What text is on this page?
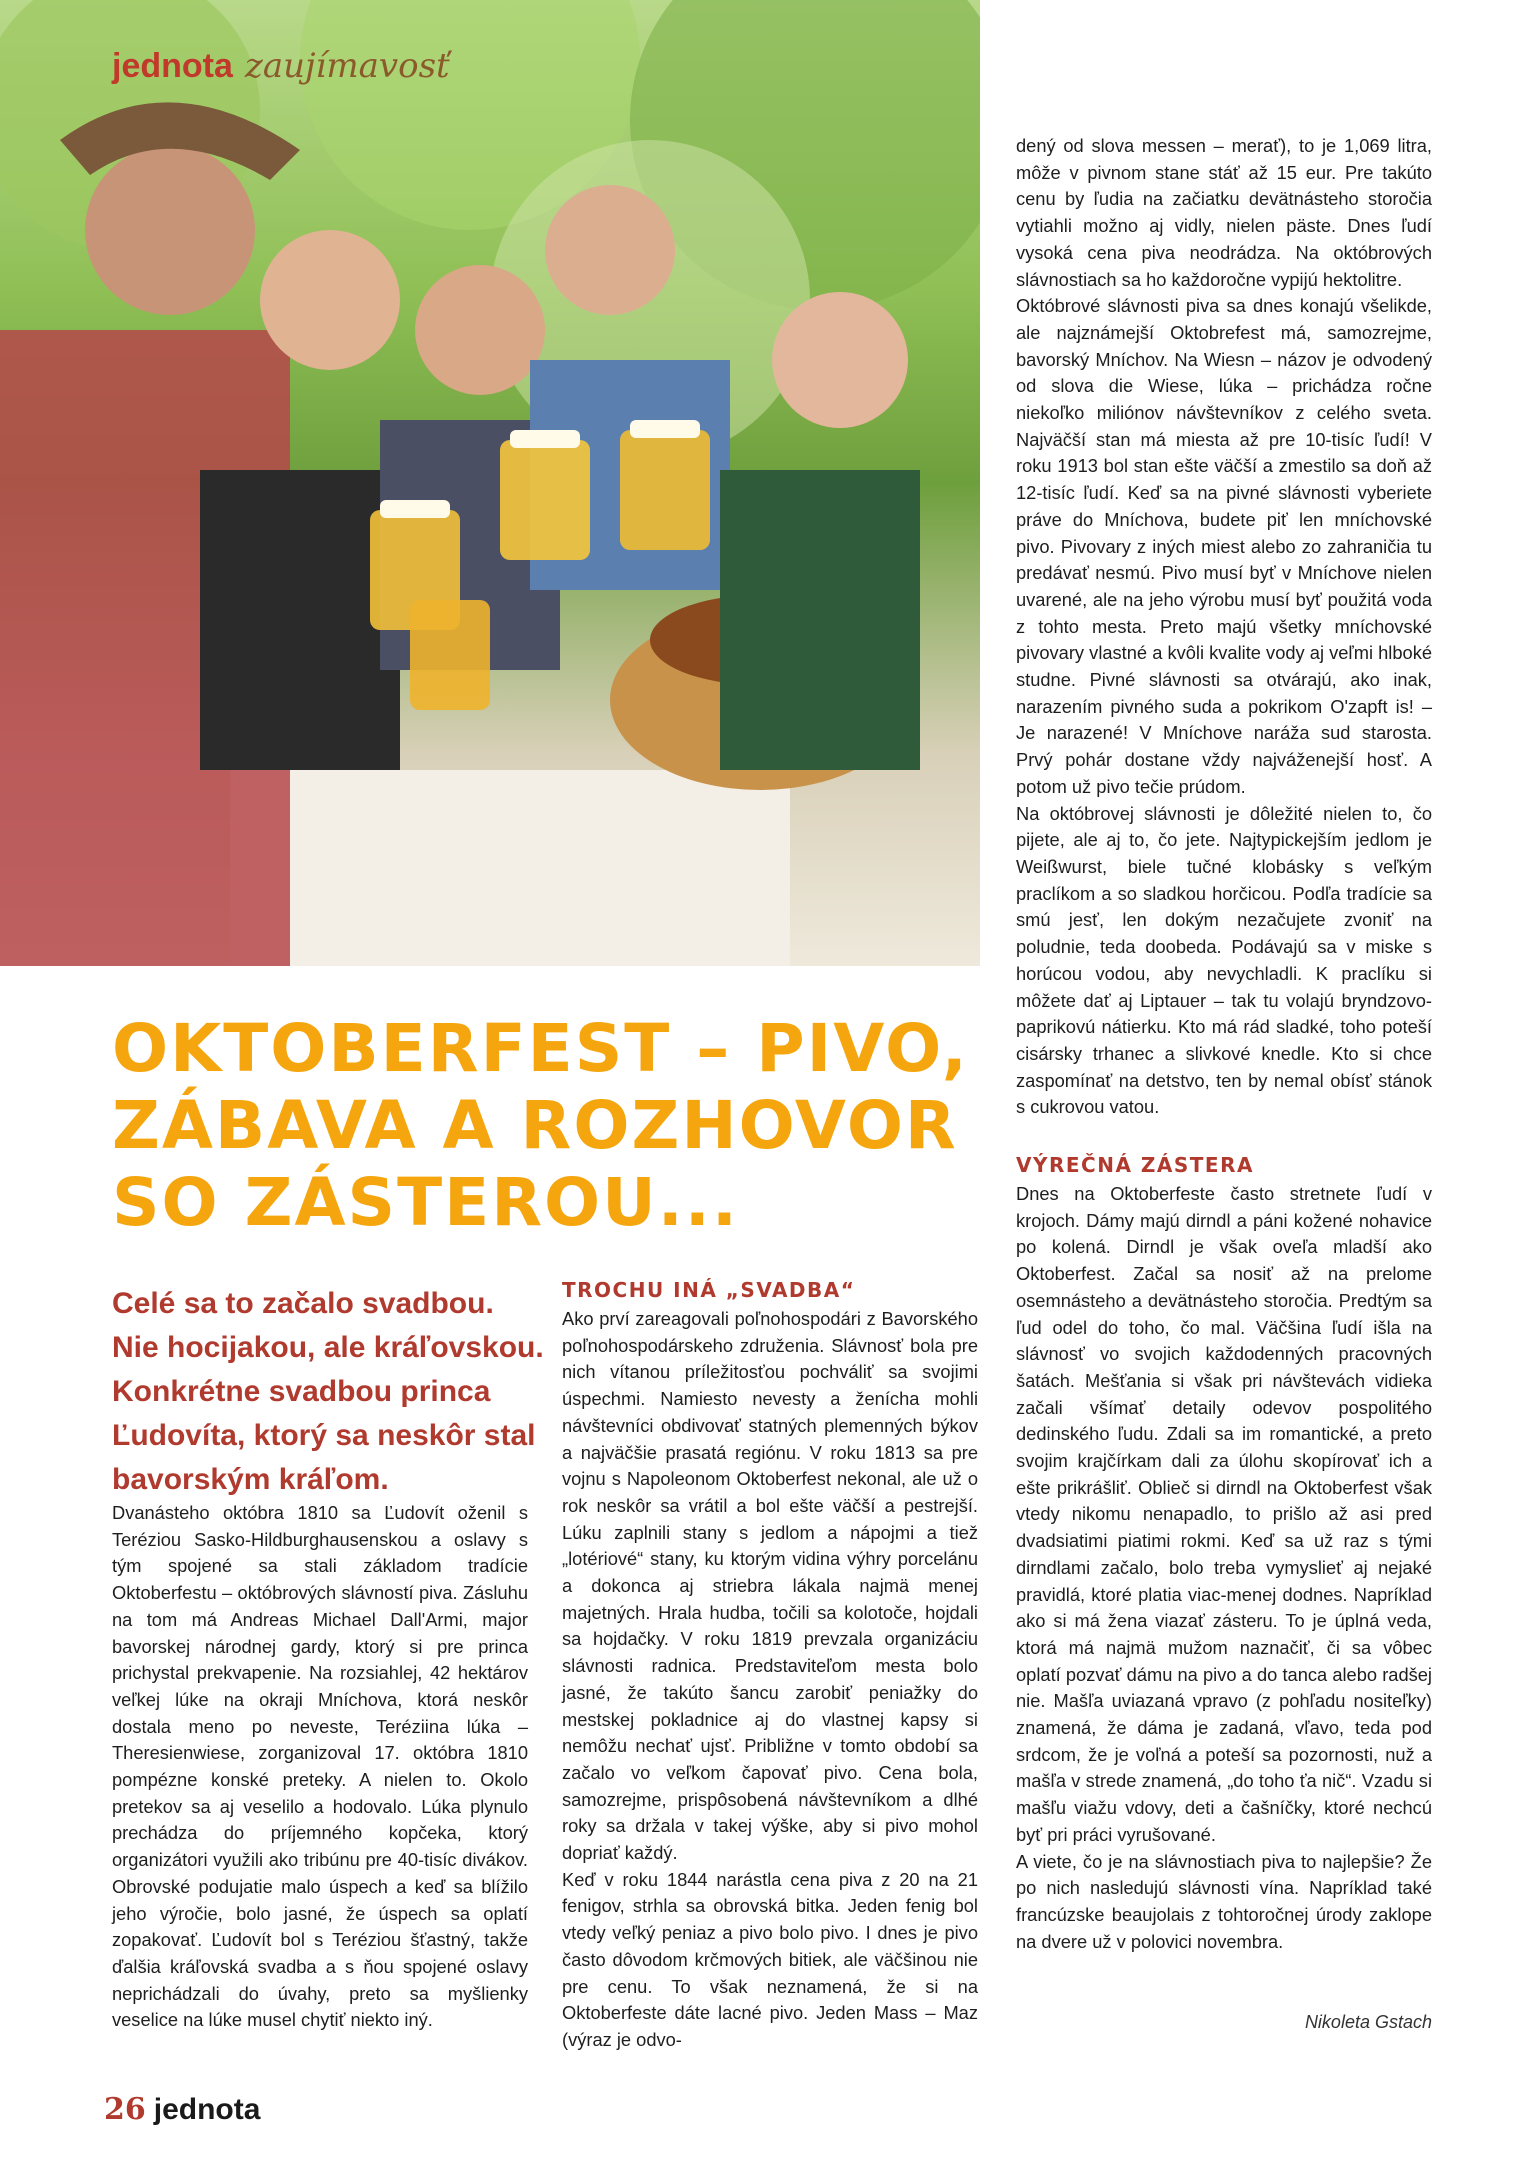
jednota zaujímavosť
OKTOBERFEST – PIVO,
ZÁBAVA A ROZHOVOR
SO ZÁSTEROU...
Celé sa to začalo svadbou.
Nie hocijakou, ale kráľovskou.
Konkrétne svadbou princa
Ľudovíta, ktorý sa neskôr stal
bavorským kráľom.

Dvanásteho októbra 1810 sa Ľudovít oženil s Teréziou Sasko-Hildburghausenskou a oslavy s tým spojené sa stali základom tradície Oktoberfestu – októbrových slávností piva. Zásluhu na tom má Andreas Michael Dall'Armi, major bavorskej národnej gardy, ktorý si pre princa prichystal prekvapenie. Na rozsiahlej, 42 hektárov veľkej lúke na okraji Mníchova, ktorá neskôr dostala meno po neveste, Teréziina lúka – Theresienwiese, zorganizoval 17. októbra 1810 pompézne konské preteky. A nielen to. Okolo pretekov sa aj veselilo a hodovalo. Lúka plynulo prechádza do príjemného kopčeka, ktorý organizátori využili ako tribúnu pre 40-tisíc divákov. Obrovské podujatie malo úspech a keď sa blížilo jeho výročie, bolo jasné, že úspech sa oplatí zopakovať. Ľudovít bol s Teréziou šťastný, takže ďalšia kráľovská svadba a s ňou spojené oslavy neprichádzali do úvahy, preto sa myšlienky veselice na lúke musel chytiť niekto iný.

TROCHU INÁ „SVADBA“

Ako prví zareagovali poľnohospodári z Bavorského poľnohospodárskeho združenia. Slávnosť bola pre nich vítanou príležitosťou pochváliť sa svojimi úspechmi. Namiesto nevesty a ženícha mohli návštevníci obdivovať statných plemenných býkov a najväčšie prasatá regiónu. V roku 1813 sa pre vojnu s Napoleonom Oktoberfest nekonal, ale už o rok neskôr sa vrátil a bol ešte väčší a pestrejší. Lúku zaplnili stany s jedlom a nápojmi a tiež „lotériové“ stany, ku ktorým vidina výhry porcelánu a dokonca aj striebra lákala najmä menej majetných. Hrala hudba, točili sa kolotoče, hojdali sa hojdačky. V roku 1819 prevzala organizáciu slávnosti radnica. Predstaviteľom mesta bolo jasné, že takúto šancu zarobiť peniažky do mestskej pokladnice aj do vlastnej kapsy si nemôžu nechať ujsť. Približne v tomto období sa začalo vo veľkom čapovať pivo. Cena bola, samozrejme, prispôsobená návštevníkom a dlhé roky sa držala v takej výške, aby si pivo mohol dopriať každý.

Keď v roku 1844 narástla cena piva z 20 na 21 fenigov, strhla sa obrovská bitka. Jeden fenig bol vtedy veľký peniaz a pivo bolo pivo. I dnes je pivo často dôvodom krčmových bitiek, ale väčšinou nie pre cenu. To však neznamená, že si na Oktoberfeste dáte lacné pivo. Jeden Mass – Maz (výraz je odvo-

dený od slova messen – merať), to je 1,069 litra, môže v pivnom stane stáť až 15 eur. Pre takúto cenu by ľudia na začiatku devätnásteho storočia vytiahli možno aj vidly, nielen päste. Dnes ľudí vysoká cena piva neodrádza. Na októbrových slávnostiach sa ho každoročne vypijú hektolitre.

Októbrové slávnosti piva sa dnes konajú všelikde, ale najznámejší Oktobrefest má, samozrejme, bavorský Mníchov. Na Wiesn – názov je odvodený od slova die Wiese, lúka – prichádza ročne niekoľko miliónov návštevníkov z celého sveta. Najväčší stan má miesta až pre 10-tisíc ľudí! V roku 1913 bol stan ešte väčší a zmestilo sa doň až 12-tisíc ľudí. Keď sa na pivné slávnosti vyberiete práve do Mníchova, budete piť len mníchovské pivo. Pivovary z iných miest alebo zo zahraničia tu predávať nesmú. Pivo musí byť v Mníchove nielen uvarené, ale na jeho výrobu musí byť použitá voda z tohto mesta. Preto majú všetky mníchovské pivovary vlastné a kvôli kvalite vody aj veľmi hlboké studne. Pivné slávnosti sa otvárajú, ako inak, narazením pivného suda a pokrikom O'zapft is! – Je narazené! V Mníchove naráža sud starosta. Prvý pohár dostane vždy najváženejší hosť. A potom už pivo tečie prúdom.

Na októbrovej slávnosti je dôležité nielen to, čo pijete, ale aj to, čo jete. Najtypickejším jedlom je Weißwurst, biele tučné klobásky s veľkým praclíkom a so sladkou horčicou. Podľa tradície sa smú jesť, len dokým nezačujete zvoniť na poludnie, teda doobeda. Podávajú sa v miske s horúcou vodou, aby nevychladli. K praclíku si môžete dať aj Liptauer – tak tu volajú bryndzovo-paprikovú nátierku. Kto má rád sladké, toho poteší cisársky trhanec a slivkové knedle. Kto si chce zaspomínať na detstvo, ten by nemal obísť stánok s cukrovou vatou.

VÝREČNÁ ZÁSTERA

Dnes na Oktoberfeste často stretnete ľudí v krojoch. Dámy majú dirndl a páni kožené nohavice po kolená. Dirndl je však oveľa mladší ako Oktoberfest. Začal sa nosiť až na prelome osemnásteho a devätnásteho storočia. Predtým sa ľud odel do toho, čo mal. Väčšina ľudí išla na slávnosť vo svojich každodenných pracovných šatách. Mešťania si však pri návštevách vidieka začali všímať detaily odevov pospolitého dedinského ľudu. Zdali sa im romantické, a preto svojim krajčírkam dali za úlohu skopírovať ich a ešte prikrášliť. Oblieč si dirndl na Oktoberfest však vtedy nikomu nenapadlo, to prišlo až asi pred dvadsiatimi piatimi rokmi. Keď sa už raz s tými dirndlami začalo, bolo treba vymyslieť aj nejaké pravidlá, ktoré platia viac-menej dodnes. Napríklad ako si má žena viazať zásteru. To je úplná veda, ktorá má najmä mužom naznačiť, či sa vôbec oplatí pozvať dámu na pivo a do tanca alebo radšej nie. Mašľa uviazaná vpravo (z pohľadu nositeľky) znamená, že dáma je zadaná, vľavo, teda pod srdcom, že je voľná a poteší sa pozornosti, nuž a mašľa v strede znamená, „do toho ťa nič“. Vzadu si mašľu viažu vdovy, deti a čašníčky, ktoré nechcú byť pri práci vyrušované.

A viete, čo je na slávnostiach piva to najlepšie? Že po nich nasledujú slávnosti vína. Napríklad také francúzske beaujolais z tohtoročnej úrody zaklope na dvere už v polovici novembra.

Nikoleta Gstach
26 jednota
